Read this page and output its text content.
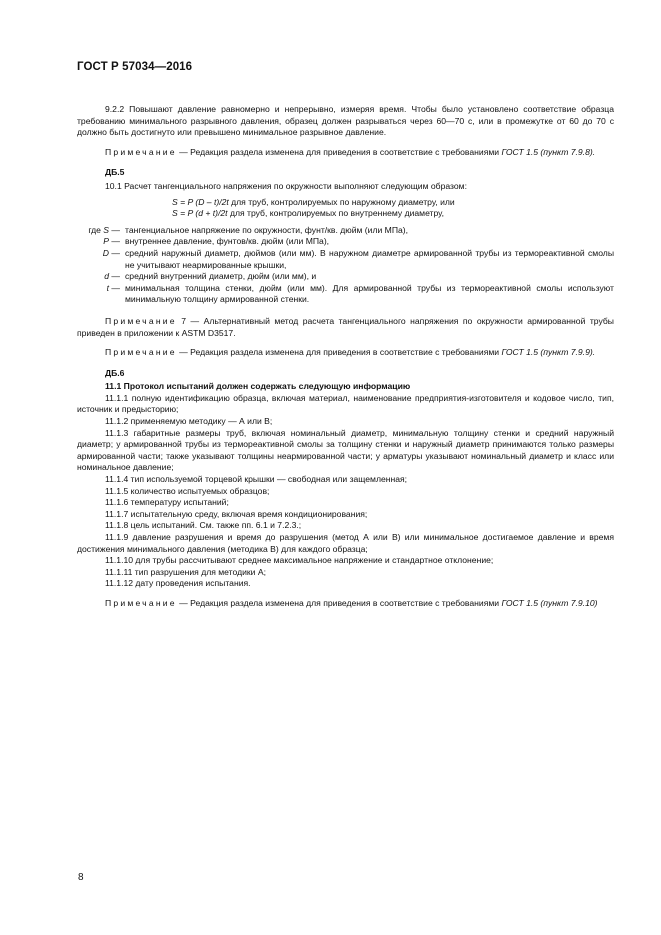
ГОСТ Р 57034—2016

9.2.2 Повышают давление равномерно и непрерывно, измеряя время. Чтобы было установлено соответствие образца требованию минимального разрывного давления, образец должен разрываться через 60—70 с, или в промежутке от 60 до 70 с должно быть достигнуто или превышено минимальное разрывное давление.

Примечание — Редакция раздела изменена для приведения в соответствие с требованиями ГОСТ 1.5 (пункт 7.9.8).

ДБ.5

10.1 Расчет тангенциального напряжения по окружности выполняют следующим образом:

S = P (D – t)/2t для труб, контролируемых по наружному диаметру, или

S = P (d + t)/2t для труб, контролируемых по внутреннему диаметру,

где S — тангенциальное напряжение по окружности, фунт/кв. дюйм (или МПа),
P — внутреннее давление, фунтов/кв. дюйм (или МПа),
D — средний наружный диаметр, дюймов (или мм). В наружном диаметре армированной трубы из термореактивной смолы не учитывают неармированные крышки,
d — средний внутренний диаметр, дюйм (или мм), и
t — минимальная толщина стенки, дюйм (или мм). Для армированной трубы из термореактивной смолы используют минимальную толщину армированной стенки.

Примечание 7 — Альтернативный метод расчета тангенциального напряжения по окружности армированной трубы приведен в приложении к ASTM D3517.

Примечание — Редакция раздела изменена для приведения в соответствие с требованиями ГОСТ 1.5 (пункт 7.9.9).

ДБ.6

11.1 Протокол испытаний должен содержать следующую информацию

11.1.1 полную идентификацию образца, включая материал, наименование предприятия-изготовителя и кодовое число, тип, источник и предысторию;

11.1.2 применяемую методику — А или В;

11.1.3 габаритные размеры труб, включая номинальный диаметр, минимальную толщину стенки и средний наружный диаметр; у армированной трубы из термореактивной смолы за толщину стенки и наружный диаметр принимаются только размеры армированной части; также указывают толщины неармированной части; у арматуры указывают номинальный диаметр и класс или номинальное давление;

11.1.4 тип используемой торцевой крышки — свободная или защемленная;

11.1.5 количество испытуемых образцов;

11.1.6 температуру испытаний;

11.1.7 испытательную среду, включая время кондиционирования;

11.1.8 цель испытаний. См. также пп. 6.1 и 7.2.3.;

11.1.9 давление разрушения и время до разрушения (метод А или В) или минимальное достигаемое давление и время достижения минимального давления (методика В) для каждого образца;

11.1.10 для трубы рассчитывают среднее максимальное напряжение и стандартное отклонение;

11.1.11 тип разрушения для методики А;

11.1.12 дату проведения испытания.

Примечание — Редакция раздела изменена для приведения в соответствие с требованиями ГОСТ 1.5 (пункт 7.9.10)

8
